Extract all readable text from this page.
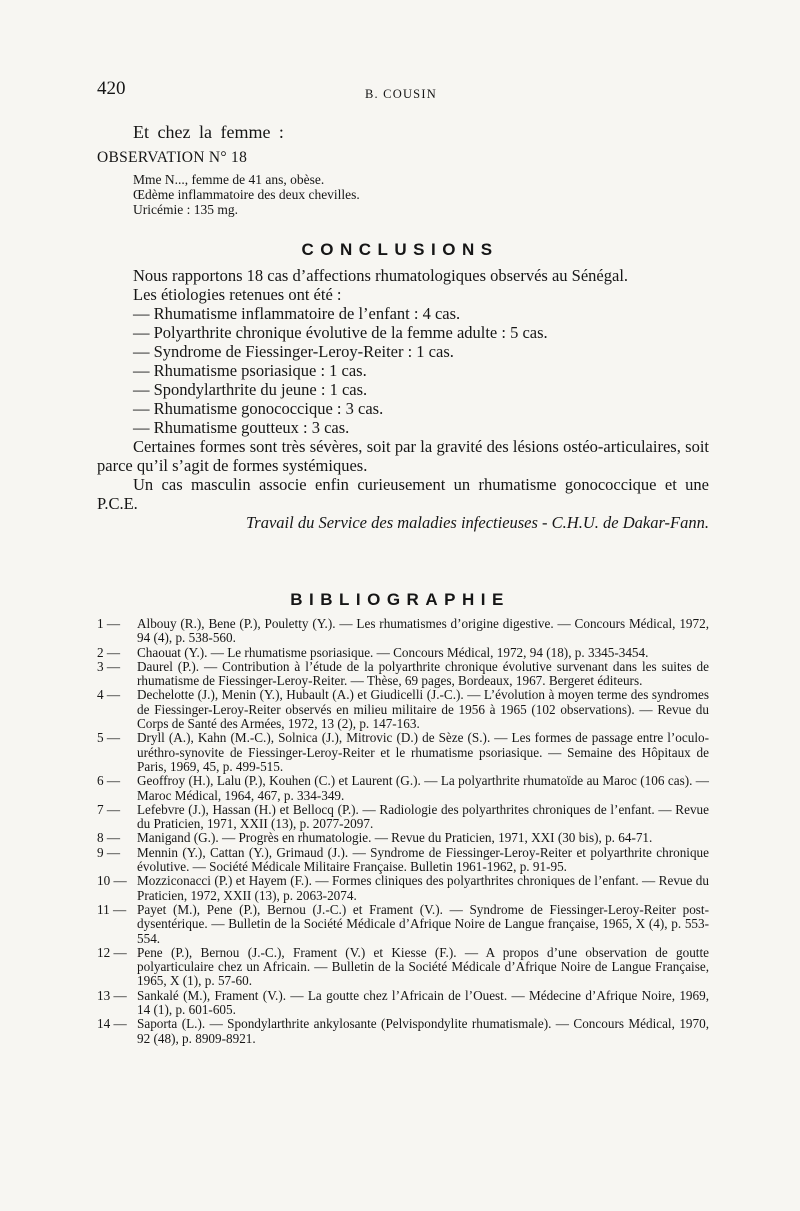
420	B. COUSIN
Et chez la femme :
OBSERVATION N° 18
Mme N..., femme de 41 ans, obèse.
Œdème inflammatoire des deux chevilles.
Uricémie : 135 mg.
CONCLUSIONS

Nous rapportons 18 cas d’affections rhumatologiques observés au Sénégal.

Les étiologies retenues ont été :

— Rhumatisme inflammatoire de l’enfant : 4 cas.
— Polyarthrite chronique évolutive de la femme adulte : 5 cas.
— Syndrome de Fiessinger-Leroy-Reiter : 1 cas.
— Rhumatisme psoriasique : 1 cas.
— Spondylarthrite du jeune : 1 cas.
— Rhumatisme gonococcique : 3 cas.
— Rhumatisme goutteux : 3 cas.

Certaines formes sont très sévères, soit par la gravité des lésions ostéo-articulaires, soit parce qu’il s’agit de formes systémiques.

Un cas masculin associe enfin curieusement un rhumatisme gonococcique et une P.C.E.

Travail du Service des maladies infectieuses - C.H.U. de Dakar-Fann.

BIBLIOGRAPHIE
1 —	Albouy (R.), Bene (P.), Pouletty (Y.). — Les rhumatismes d’origine digestive. — Concours Médical, 1972, 94 (4), p. 538-560.
2 —	Chaouat (Y.). — Le rhumatisme psoriasique. — Concours Médical, 1972, 94 (18), p. 3345-3454.
3 —	Daurel (P.). — Contribution à l’étude de la polyarthrite chronique évolutive survenant dans les suites de rhumatisme de Fiessinger-Leroy-Reiter. — Thèse, 69 pages, Bordeaux, 1967. Bergeret éditeurs.
4 —	Dechelotte (J.), Menin (Y.), Hubault (A.) et Giudicelli (J.-C.). — L’évolution à moyen terme des syndromes de Fiessinger-Leroy-Reiter observés en milieu militaire de 1956 à 1965 (102 observations). — Revue du Corps de Santé des Armées, 1972, 13 (2), p. 147-163.
5 —	Dryll (A.), Kahn (M.-C.), Solnica (J.), Mitrovic (D.) de Sèze (S.). — Les formes de passage entre l’oculo-uréthro-synovite de Fiessinger-Leroy-Reiter et le rhumatisme psoriasique. — Semaine des Hôpitaux de Paris, 1969, 45, p. 499-515.
6 —	Geoffroy (H.), Lalu (P.), Kouhen (C.) et Laurent (G.). — La polyarthrite rhumatoïde au Maroc (106 cas). — Maroc Médical, 1964, 467, p. 334-349.
7 —	Lefebvre (J.), Hassan (H.) et Bellocq (P.). — Radiologie des polyarthrites chroniques de l’enfant. — Revue du Praticien, 1971, XXII (13), p. 2077-2097.
8 —	Manigand (G.). — Progrès en rhumatologie. — Revue du Praticien, 1971, XXI (30 bis), p. 64-71.
9 —	Mennin (Y.), Cattan (Y.), Grimaud (J.). — Syndrome de Fiessinger-Leroy-Reiter et polyarthrite chronique évolutive. — Société Médicale Militaire Française. Bulletin 1961-1962, p. 91-95.
10 — Mozziconacci (P.) et Hayem (F.). — Formes cliniques des polyarthrites chroniques de l’enfant. — Revue du Praticien, 1972, XXII (13), p. 2063-2074.
11 — Payet (M.), Pene (P.), Bernou (J.-C.) et Frament (V.). — Syndrome de Fiessinger-Leroy-Reiter post-dysentérique. — Bulletin de la Société Médicale d’Afrique Noire de Langue française, 1965, X (4), p. 553-554.
12 — Pene (P.), Bernou (J.-C.), Frament (V.) et Kiesse (F.). — A propos d’une observation de goutte polyarticulaire chez un Africain. — Bulletin de la Société Médicale d’Afrique Noire de Langue Française, 1965, X (1), p. 57-60.
13 — Sankalé (M.), Frament (V.). — La goutte chez l’Africain de l’Ouest. — Médecine d’Afrique Noire, 1969, 14 (1), p. 601-605.
14 — Saporta (L.). — Spondylarthrite ankylosante (Pelvispondylite rhumatismale). — Concours Médical, 1970, 92 (48), p. 8909-8921.
